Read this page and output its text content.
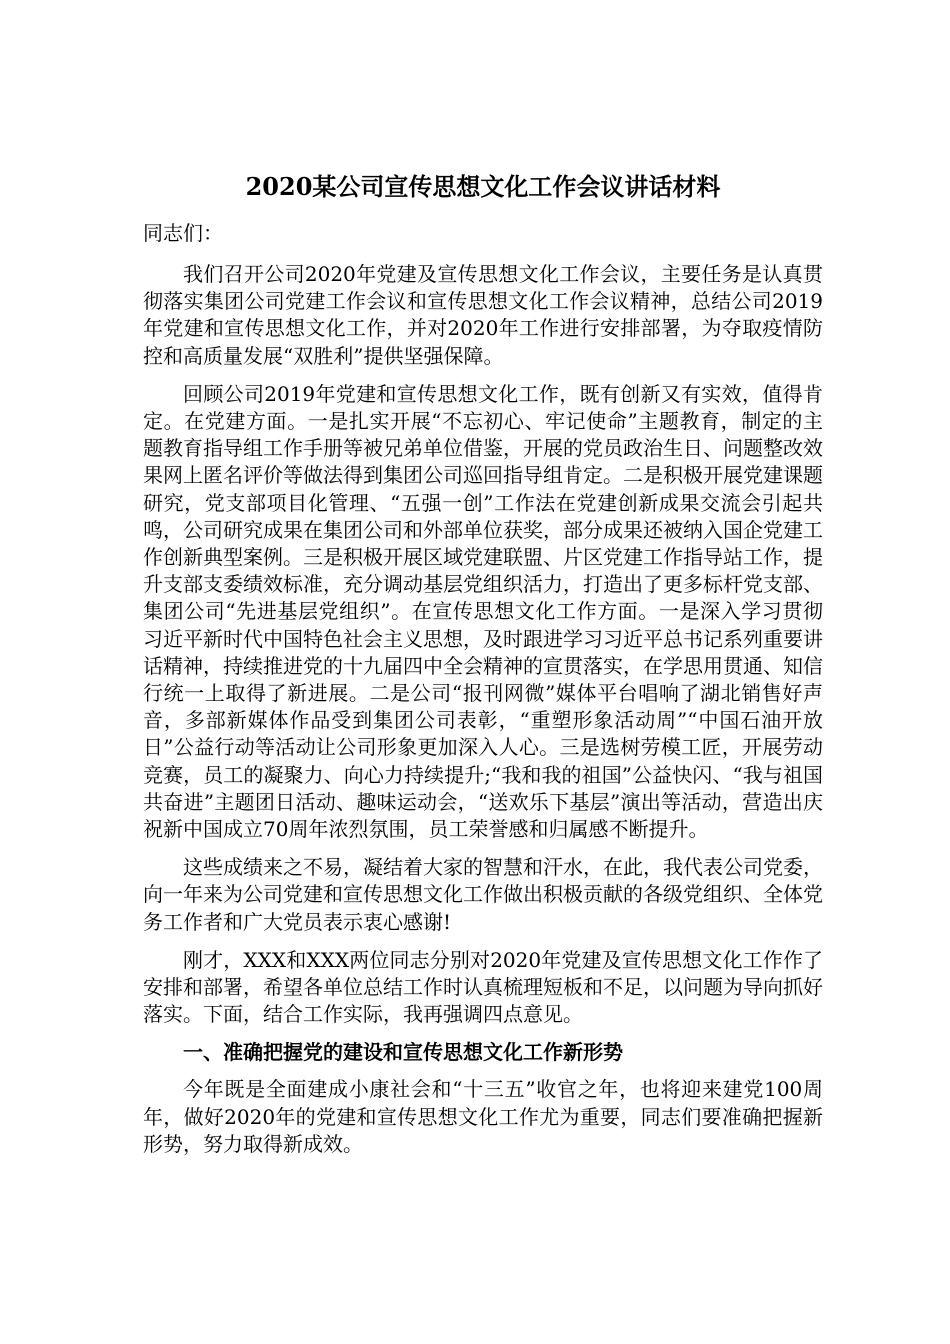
2020某公司宣传思想文化工作会议讲话材料

同志们：

我们召开公司2020年党建及宣传思想文化工作会议，主要任务是认真贯彻落实集团公司党建工作会议和宣传思想文化工作会议精神，总结公司2019年党建和宣传思想文化工作，并对2020年工作进行安排部署，为夺取疫情防控和高质量发展“双胜利”提供坚强保障。

回顾公司2019年党建和宣传思想文化工作，既有创新又有实效，值得肯定。在党建方面。一是扎实开展“不忘初心、牢记使命”主题教育，制定的主题教育指导组工作手册等被兄弟单位借鉴，开展的党员政治生日、问题整改效果网上匿名评价等做法得到集团公司巡回指导组肯定。二是积极开展党建课题研究，党支部项目化管理、“五强一创”工作法在党建创新成果交流会引起共鸣，公司研究成果在集团公司和外部单位获奖，部分成果还被纳入国企党建工作创新典型案例。三是积极开展区域党建联盟、片区党建工作指导站工作，提升支部支委绩效标准，充分调动基层党组织活力，打造出了更多标杆党支部、集团公司“先进基层党组织”。在宣传思想文化工作方面。一是深入学习贯彻习近平新时代中国特色社会主义思想，及时跟进学习习近平总书记系列重要讲话精神，持续推进党的十九届四中全会精神的宣贯落实，在学思用贯通、知信行统一上取得了新进展。二是公司“报刊网微”媒体平台唱响了湖北销售好声音，多部新媒体作品受到集团公司表彰，“重塑形象活动周”“中国石油开放日”公益行动等活动让公司形象更加深入人心。三是选树劳模工匠，开展劳动竞赛，员工的凝聚力、向心力持续提升;“我和我的祖国”公益快闪、“我与祖国共奋进”主题团日活动、趣味运动会，“送欢乐下基层”演出等活动，营造出庆祝新中国成立70周年浓烈氛围，员工荣誉感和归属感不断提升。

这些成绩来之不易，凝结着大家的智慧和汗水，在此，我代表公司党委，向一年来为公司党建和宣传思想文化工作做出积极贡献的各级党组织、全体党务工作者和广大党员表示衷心感谢!

刚才，XXX和XXX两位同志分别对2020年党建及宣传思想文化工作作了安排和部署，希望各单位总结工作时认真梳理短板和不足，以问题为导向抓好落实。下面，结合工作实际，我再强调四点意见。

一、准确把握党的建设和宣传思想文化工作新形势

今年既是全面建成小康社会和“十三五”收官之年，也将迎来建党100周年，做好2020年的党建和宣传思想文化工作尤为重要，同志们要准确把握新形势，努力取得新成效。
